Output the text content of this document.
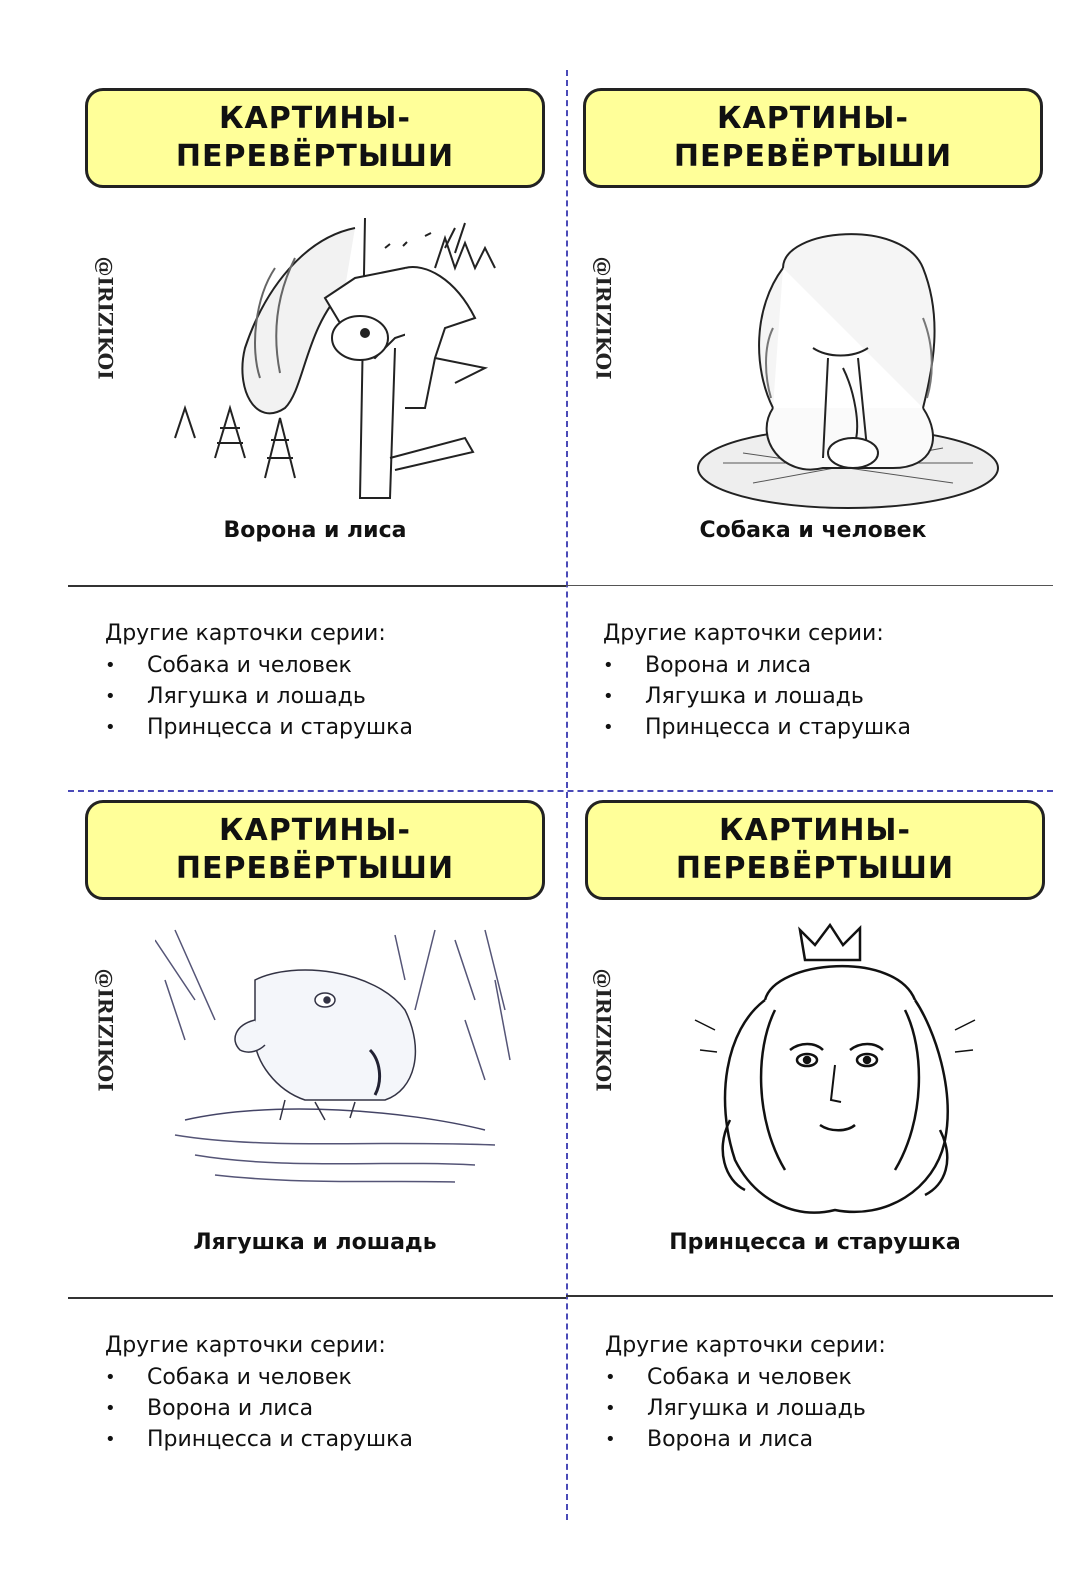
КАРТИНЫ-
ПЕРЕВЁРТЫШИ
@IRIZIKOI
Ворона и лиса
Другие карточки серии:
• Собака и человек
• Лягушка и лошадь
• Принцесса и старушка
КАРТИНЫ-
ПЕРЕВЁРТЫШИ
@IRIZIKOI
Собака и человек
Другие карточки серии:
• Ворона и лиса
• Лягушка и лошадь
• Принцесса и старушка
КАРТИНЫ-
ПЕРЕВЁРТЫШИ
@IRIZIKOI
Лягушка и лошадь
Другие карточки серии:
• Собака и человек
• Ворона и лиса
• Принцесса и старушка
КАРТИНЫ-
ПЕРЕВЁРТЫШИ
@IRIZIKOI
Принцесса и старушка
Другие карточки серии:
• Собака и человек
• Лягушка и лошадь
• Ворона и лиса
